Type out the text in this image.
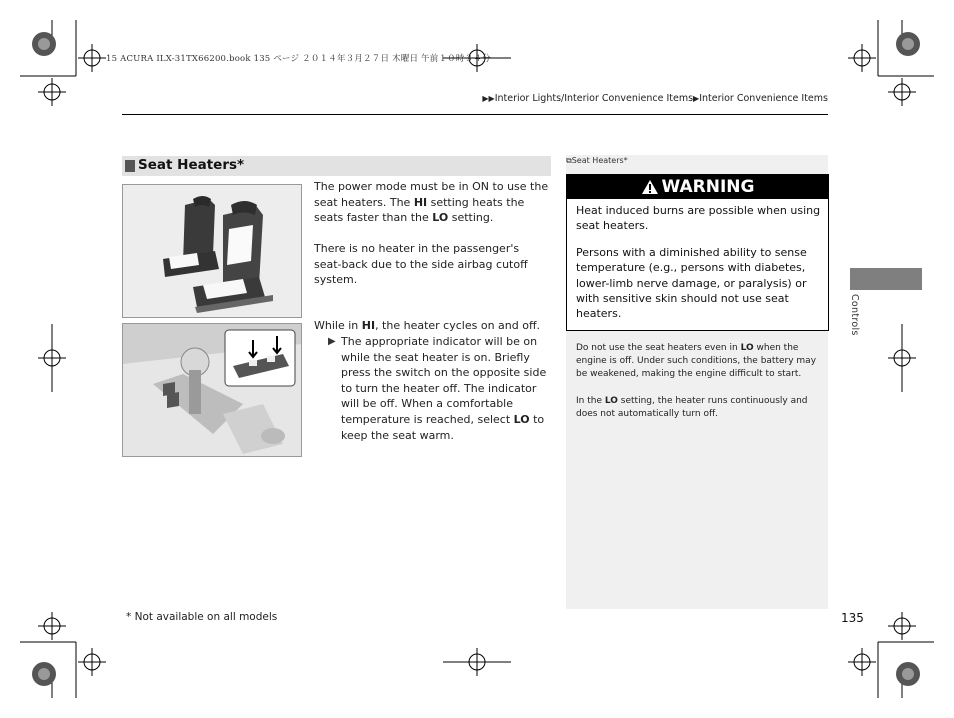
15 ACURA ILX-31TX66200.book 135 ページ ２０１４年３月２７日 木曜日 午前１０時３４分
▶▶Interior Lights/Interior Convenience Items▶Interior Convenience Items
Seat Heaters*
The power mode must be in ON to use the seat heaters. The HI setting heats the seats faster than the LO setting.
There is no heater in the passenger's seat-back due to the side airbag cutoff system.
While in HI, the heater cycles on and off.
▶ The appropriate indicator will be on while the seat heater is on. Briefly press the switch on the opposite side to turn the heater off. The indicator will be off. When a comfortable temperature is reached, select LO to keep the seat warm.
⧉Seat Heaters*
WARNING
Heat induced burns are possible when using seat heaters.
Persons with a diminished ability to sense temperature (e.g., persons with diabetes, lower-limb nerve damage, or paralysis) or with sensitive skin should not use seat heaters.
Do not use the seat heaters even in LO when the engine is off. Under such conditions, the battery may be weakened, making the engine difficult to start.
In the LO setting, the heater runs continuously and does not automatically turn off.
* Not available on all models	135
Controls
